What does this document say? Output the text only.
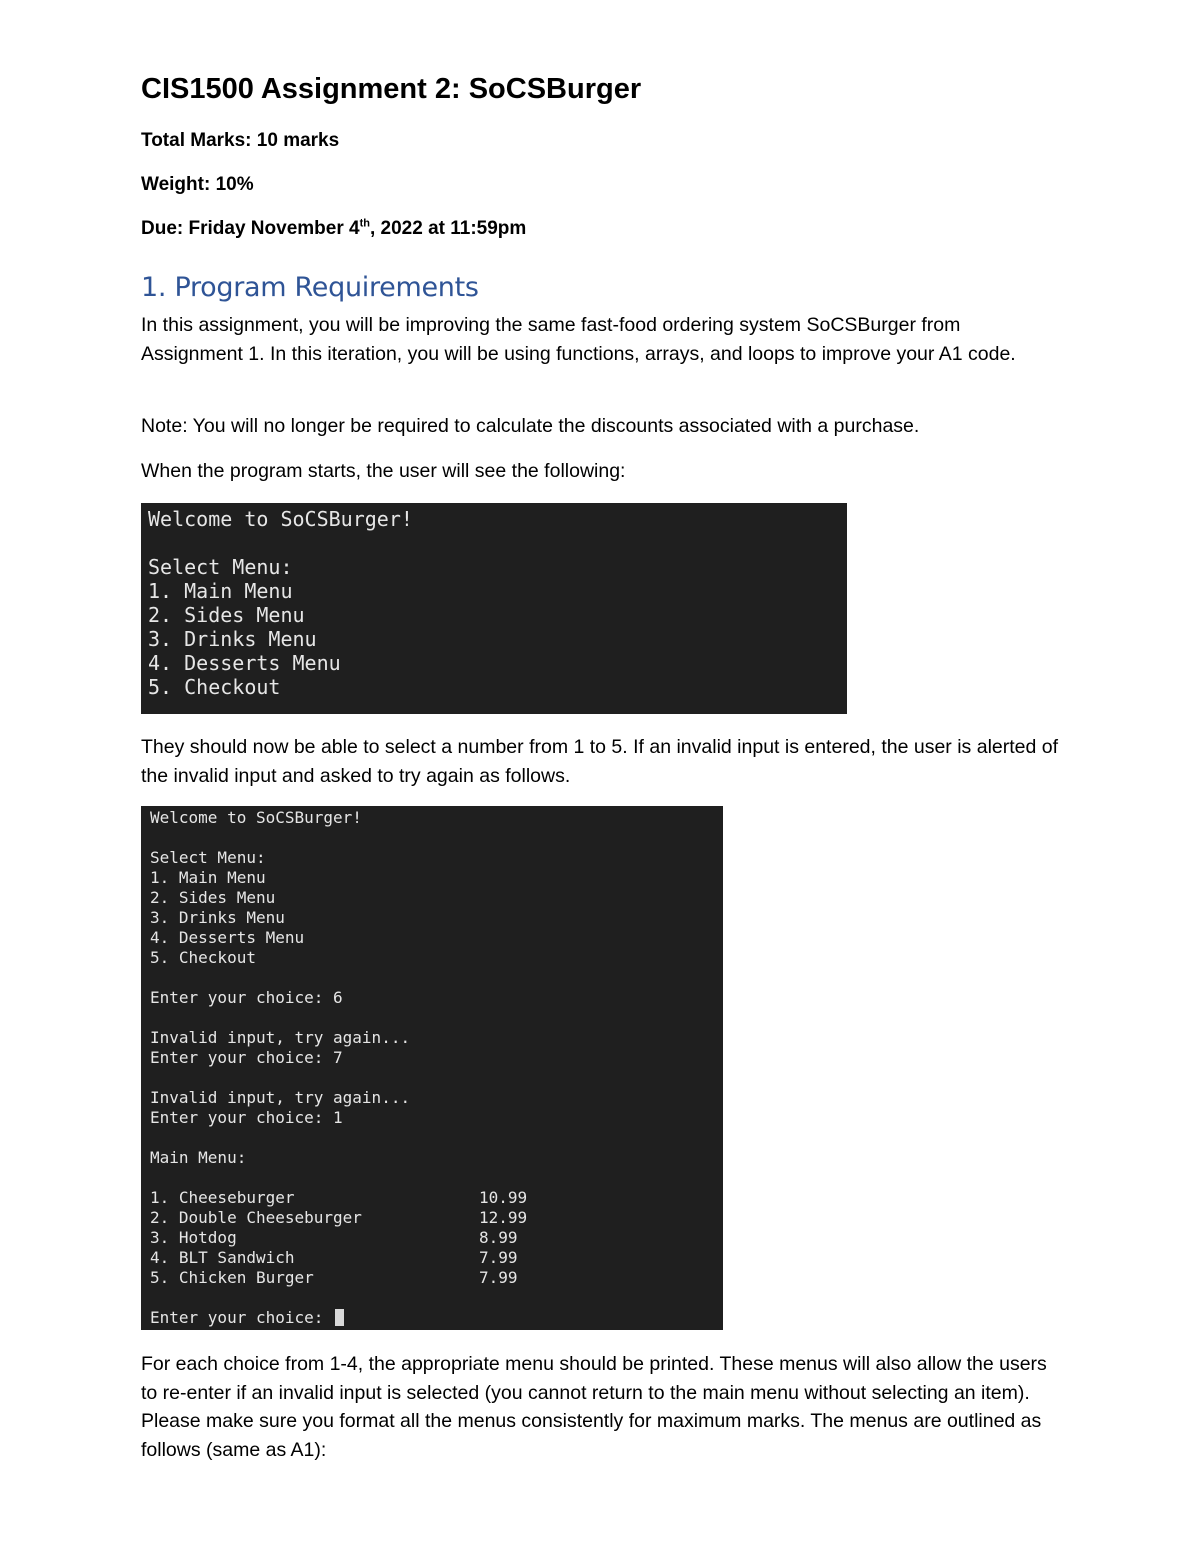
CIS1500 Assignment 2: SoCSBurger

Total Marks: 10 marks

Weight: 10%

Due: Friday November 4th, 2022 at 11:59pm

1. Program Requirements

In this assignment, you will be improving the same fast-food ordering system SoCSBurger from Assignment 1. In this iteration, you will be using functions, arrays, and loops to improve your A1 code.

Note: You will no longer be required to calculate the discounts associated with a purchase.

When the program starts, the user will see the following:

Welcome to SoCSBurger!
Select Menu:
1. Main Menu
2. Sides Menu
3. Drinks Menu
4. Desserts Menu
5. Checkout

They should now be able to select a number from 1 to 5. If an invalid input is entered, the user is alerted of the invalid input and asked to try again as follows.

Welcome to SoCSBurger!
Select Menu:
1. Main Menu
2. Sides Menu
3. Drinks Menu
4. Desserts Menu
5. Checkout
Enter your choice: 6
Invalid input, try again...
Enter your choice: 7
Invalid input, try again...
Enter your choice: 1
Main Menu:
1. Cheeseburger	10.99
2. Double Cheeseburger	12.99
3. Hotdog	8.99
4. BLT Sandwich	7.99
5. Chicken Burger	7.99
Enter your choice:

For each choice from 1-4, the appropriate menu should be printed. These menus will also allow the users to re-enter if an invalid input is selected (you cannot return to the main menu without selecting an item). Please make sure you format all the menus consistently for maximum marks. The menus are outlined as follows (same as A1):
